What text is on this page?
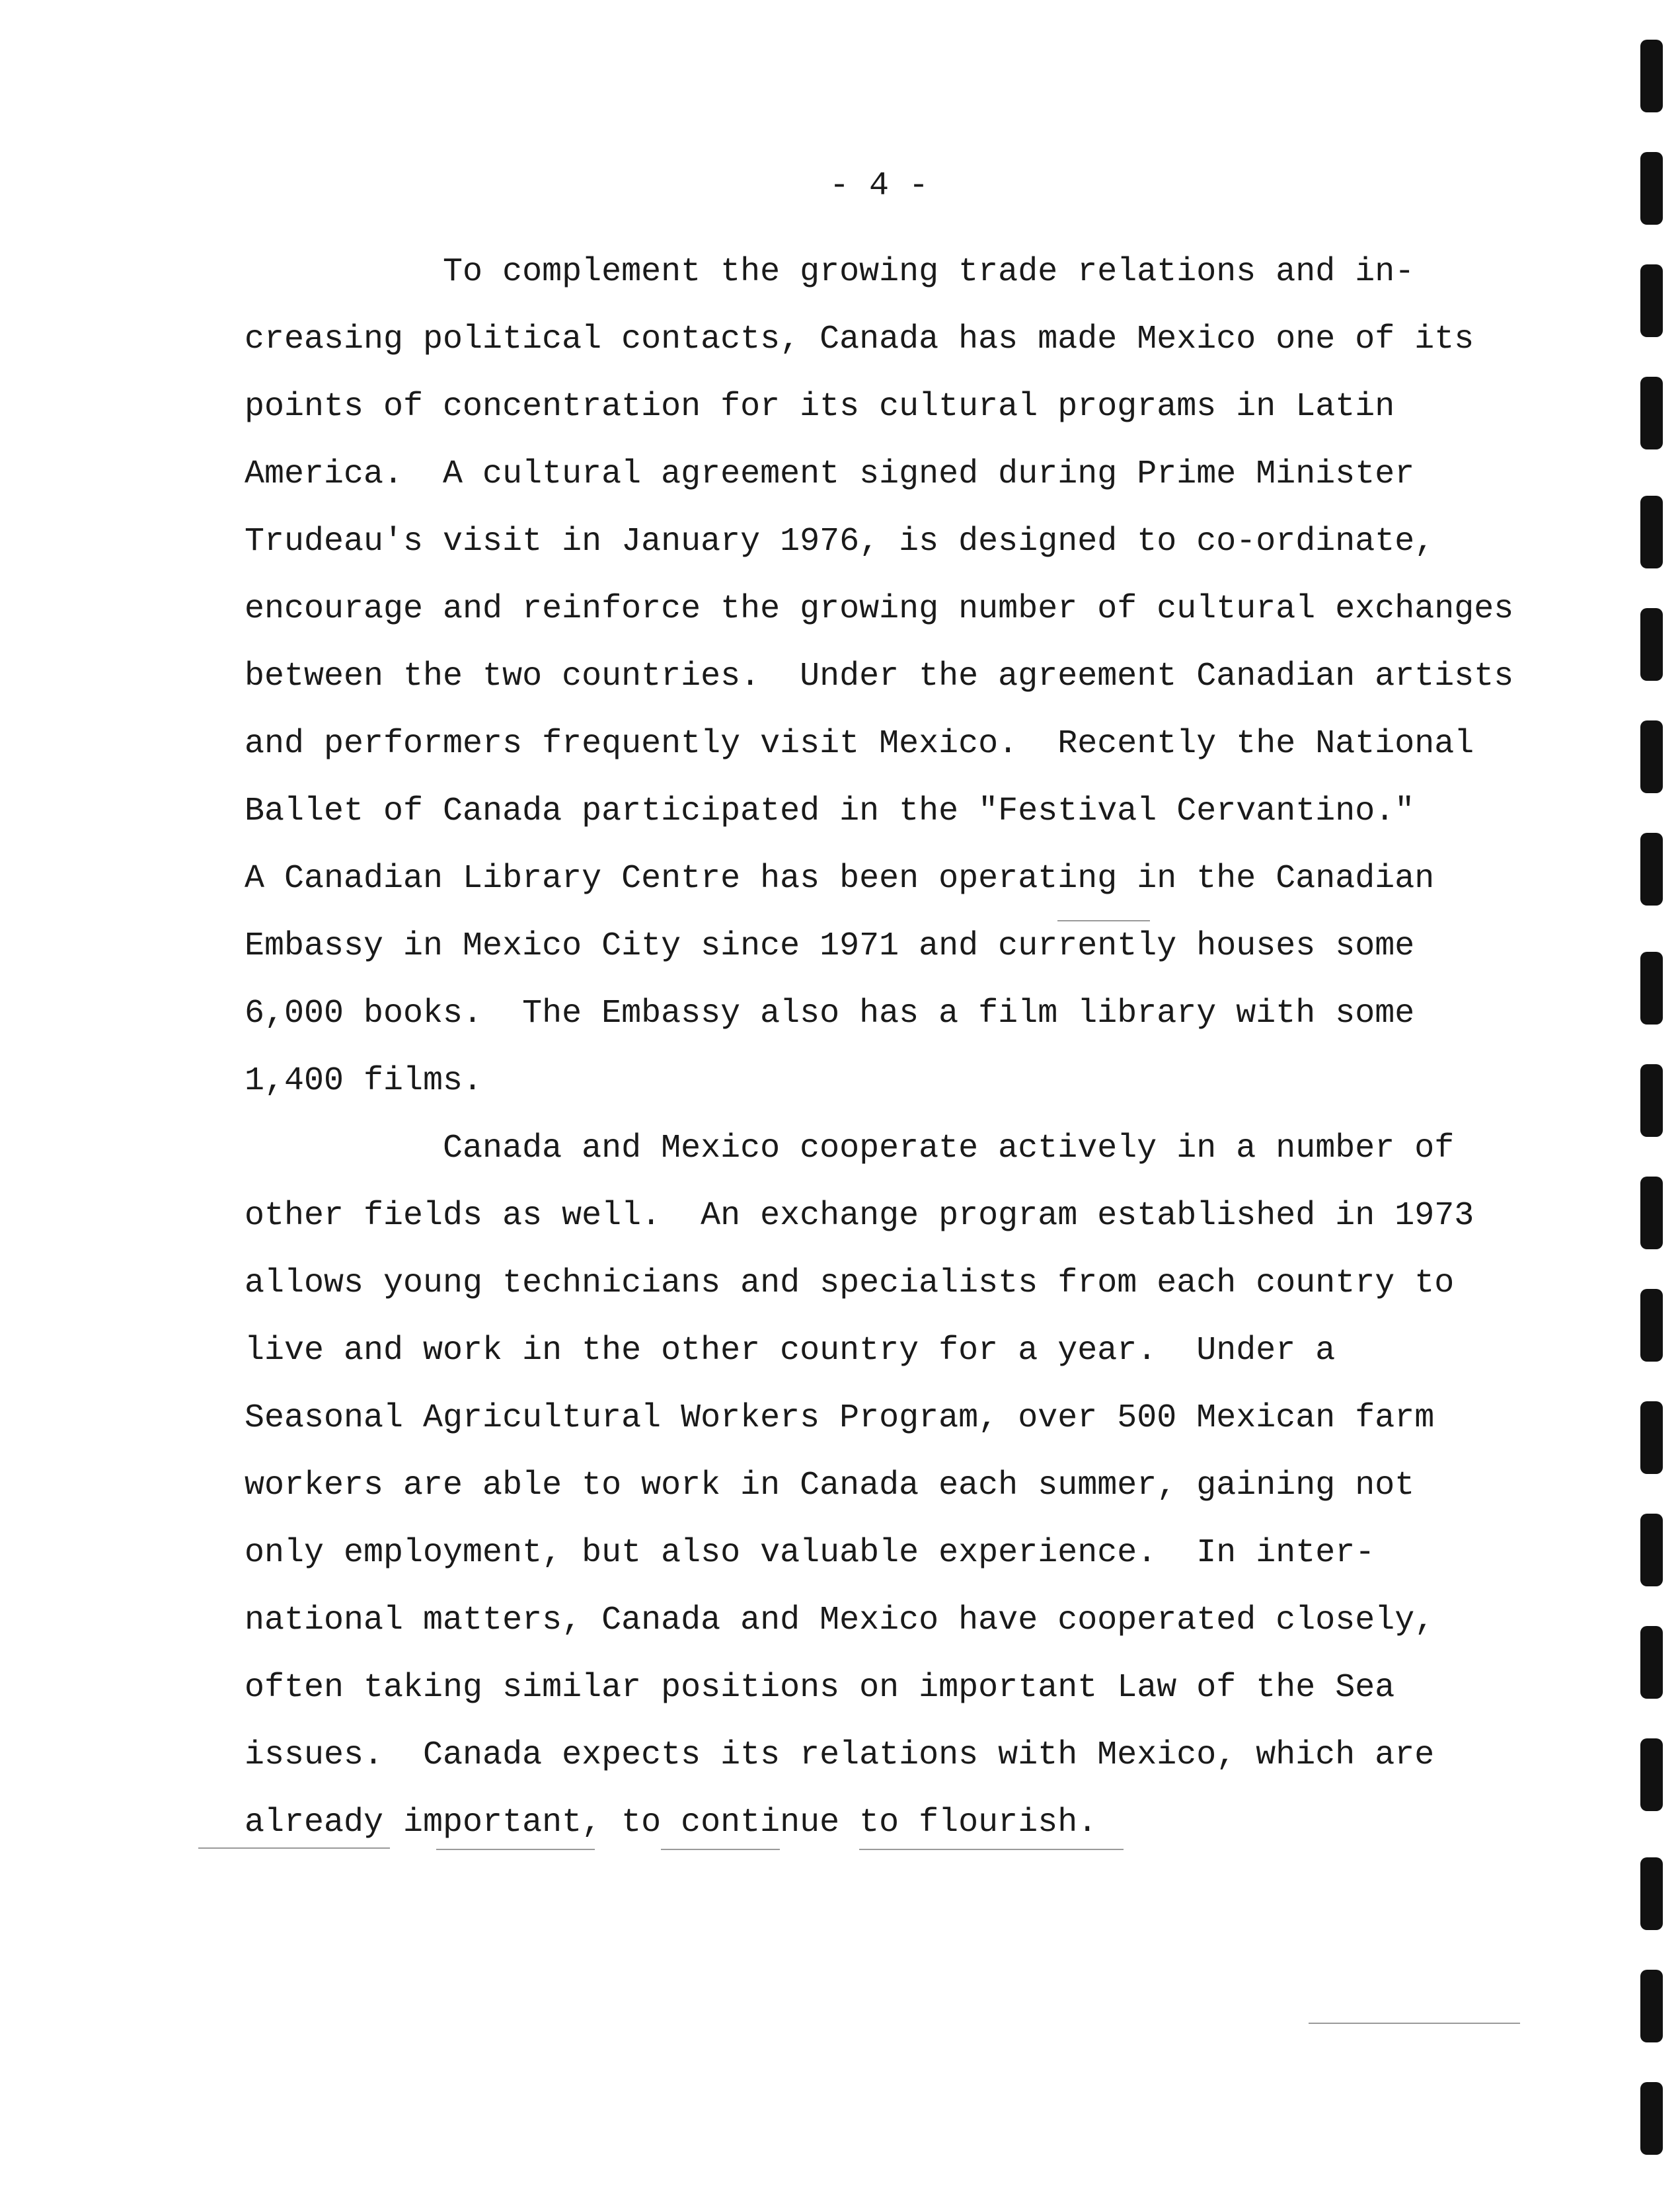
- 4 -
To complement the growing trade relations and in-
creasing political contacts, Canada has made Mexico one of its
points of concentration for its cultural programs in Latin
America.  A cultural agreement signed during Prime Minister
Trudeau's visit in January 1976, is designed to co-ordinate,
encourage and reinforce the growing number of cultural exchanges
between the two countries.  Under the agreement Canadian artists
and performers frequently visit Mexico.  Recently the National
Ballet of Canada participated in the "Festival Cervantino."
A Canadian Library Centre has been operating in the Canadian
Embassy in Mexico City since 1971 and currently houses some
6,000 books.  The Embassy also has a film library with some
1,400 films.
Canada and Mexico cooperate actively in a number of
other fields as well.  An exchange program established in 1973
allows young technicians and specialists from each country to
live and work in the other country for a year.  Under a
Seasonal Agricultural Workers Program, over 500 Mexican farm
workers are able to work in Canada each summer, gaining not
only employment, but also valuable experience.  In inter-
national matters, Canada and Mexico have cooperated closely,
often taking similar positions on important Law of the Sea
issues.  Canada expects its relations with Mexico, which are
already important, to continue to flourish.
